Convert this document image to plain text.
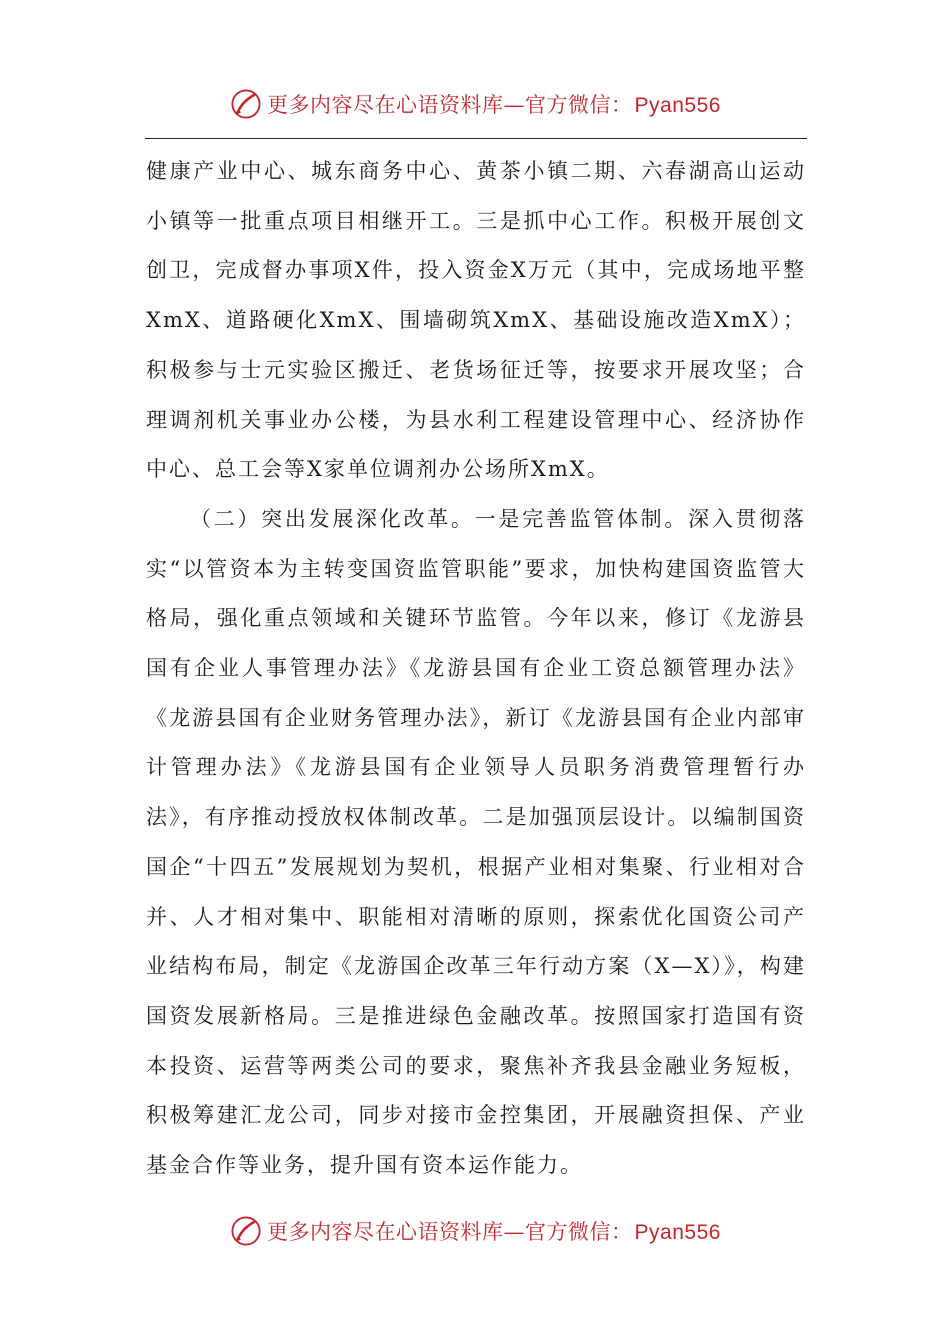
更多内容尽在心语资料库—官方微信：Pyan556

健康产业中心、城东商务中心、黄茶小镇二期、六春湖高山运动小镇等一批重点项目相继开工。三是抓中心工作。积极开展创文创卫，完成督办事项X件，投入资金X万元（其中，完成场地平整XmX、道路硬化XmX、围墙砌筑XmX、基础设施改造XmX）；积极参与士元实验区搬迁、老货场征迁等，按要求开展攻坚；合理调剂机关事业办公楼，为县水利工程建设管理中心、经济协作中心、总工会等X家单位调剂办公场所XmX。

（二）突出发展深化改革。一是完善监管体制。深入贯彻落实“以管资本为主转变国资监管职能”要求，加快构建国资监管大格局，强化重点领域和关键环节监管。今年以来，修订《龙游县国有企业人事管理办法》《龙游县国有企业工资总额管理办法》《龙游县国有企业财务管理办法》，新订《龙游县国有企业内部审计管理办法》《龙游县国有企业领导人员职务消费管理暂行办法》，有序推动授放权体制改革。二是加强顶层设计。以编制国资国企“十四五”发展规划为契机，根据产业相对集聚、行业相对合并、人才相对集中、职能相对清晰的原则，探索优化国资公司产业结构布局，制定《龙游国企改革三年行动方案（X—X）》，构建国资发展新格局。三是推进绿色金融改革。按照国家打造国有资本投资、运营等两类公司的要求，聚焦补齐我县金融业务短板，积极筹建汇龙公司，同步对接市金控集团，开展融资担保、产业基金合作等业务，提升国有资本运作能力。

更多内容尽在心语资料库—官方微信：Pyan556
